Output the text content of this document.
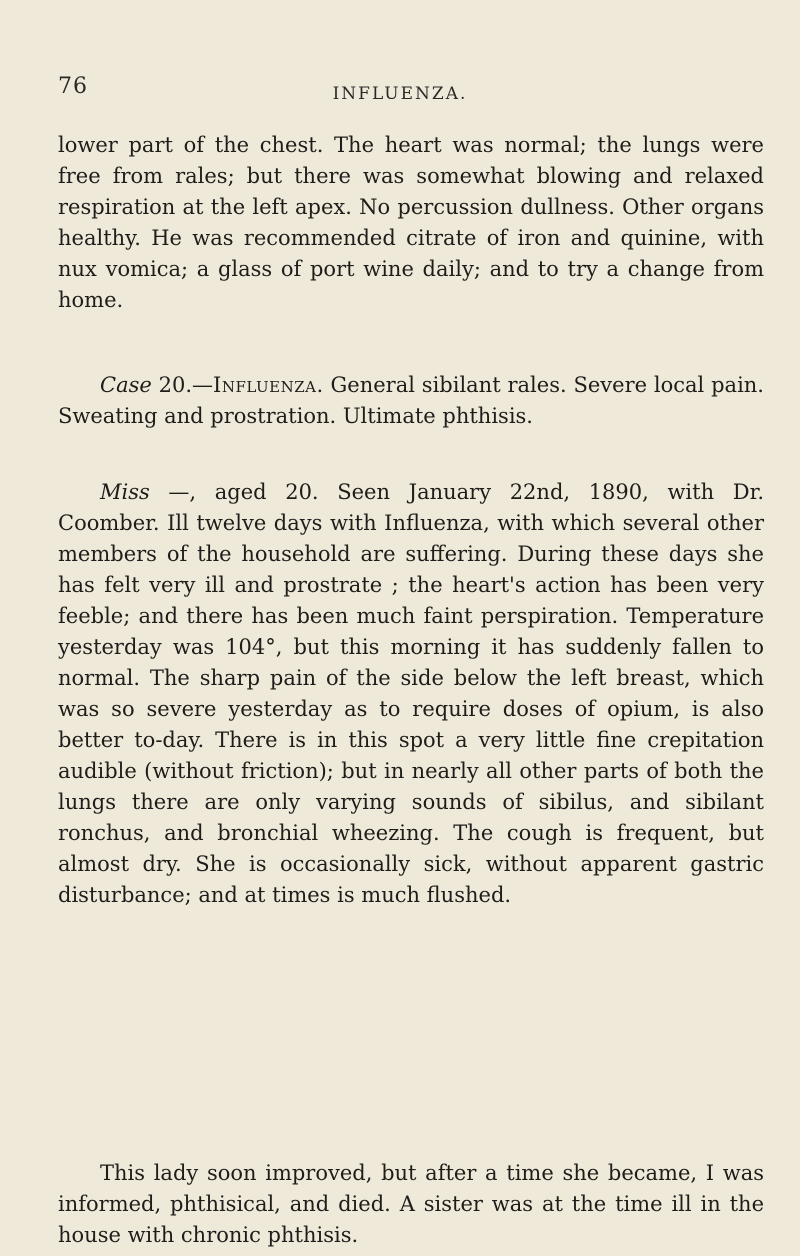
76	INFLUENZA.

lower part of the chest. The heart was normal; the lungs were free from rales; but there was somewhat blowing and relaxed respiration at the left apex. No percussion dullness. Other organs healthy. He was recommended citrate of iron and quinine, with nux vomica; a glass of port wine daily; and to try a change from home.

Case 20.—Influenza. General sibilant rales. Severe local pain. Sweating and prostration. Ultimate phthisis.

Miss —, aged 20. Seen January 22nd, 1890, with Dr. Coomber. Ill twelve days with Influenza, with which several other members of the household are suffering. During these days she has felt very ill and prostrate ; the heart's action has been very feeble; and there has been much faint perspiration. Temperature yesterday was 104°, but this morning it has suddenly fallen to normal. The sharp pain of the side below the left breast, which was so severe yesterday as to require doses of opium, is also better to-day. There is in this spot a very little fine crepitation audible (without friction); but in nearly all other parts of both the lungs there are only varying sounds of sibilus, and sibilant ronchus, and bronchial wheezing. The cough is frequent, but almost dry. She is occasionally sick, without apparent gastric disturbance; and at times is much flushed.

This lady soon improved, but after a time she became, I was informed, phthisical, and died. A sister was at the time ill in the house with chronic phthisis.
